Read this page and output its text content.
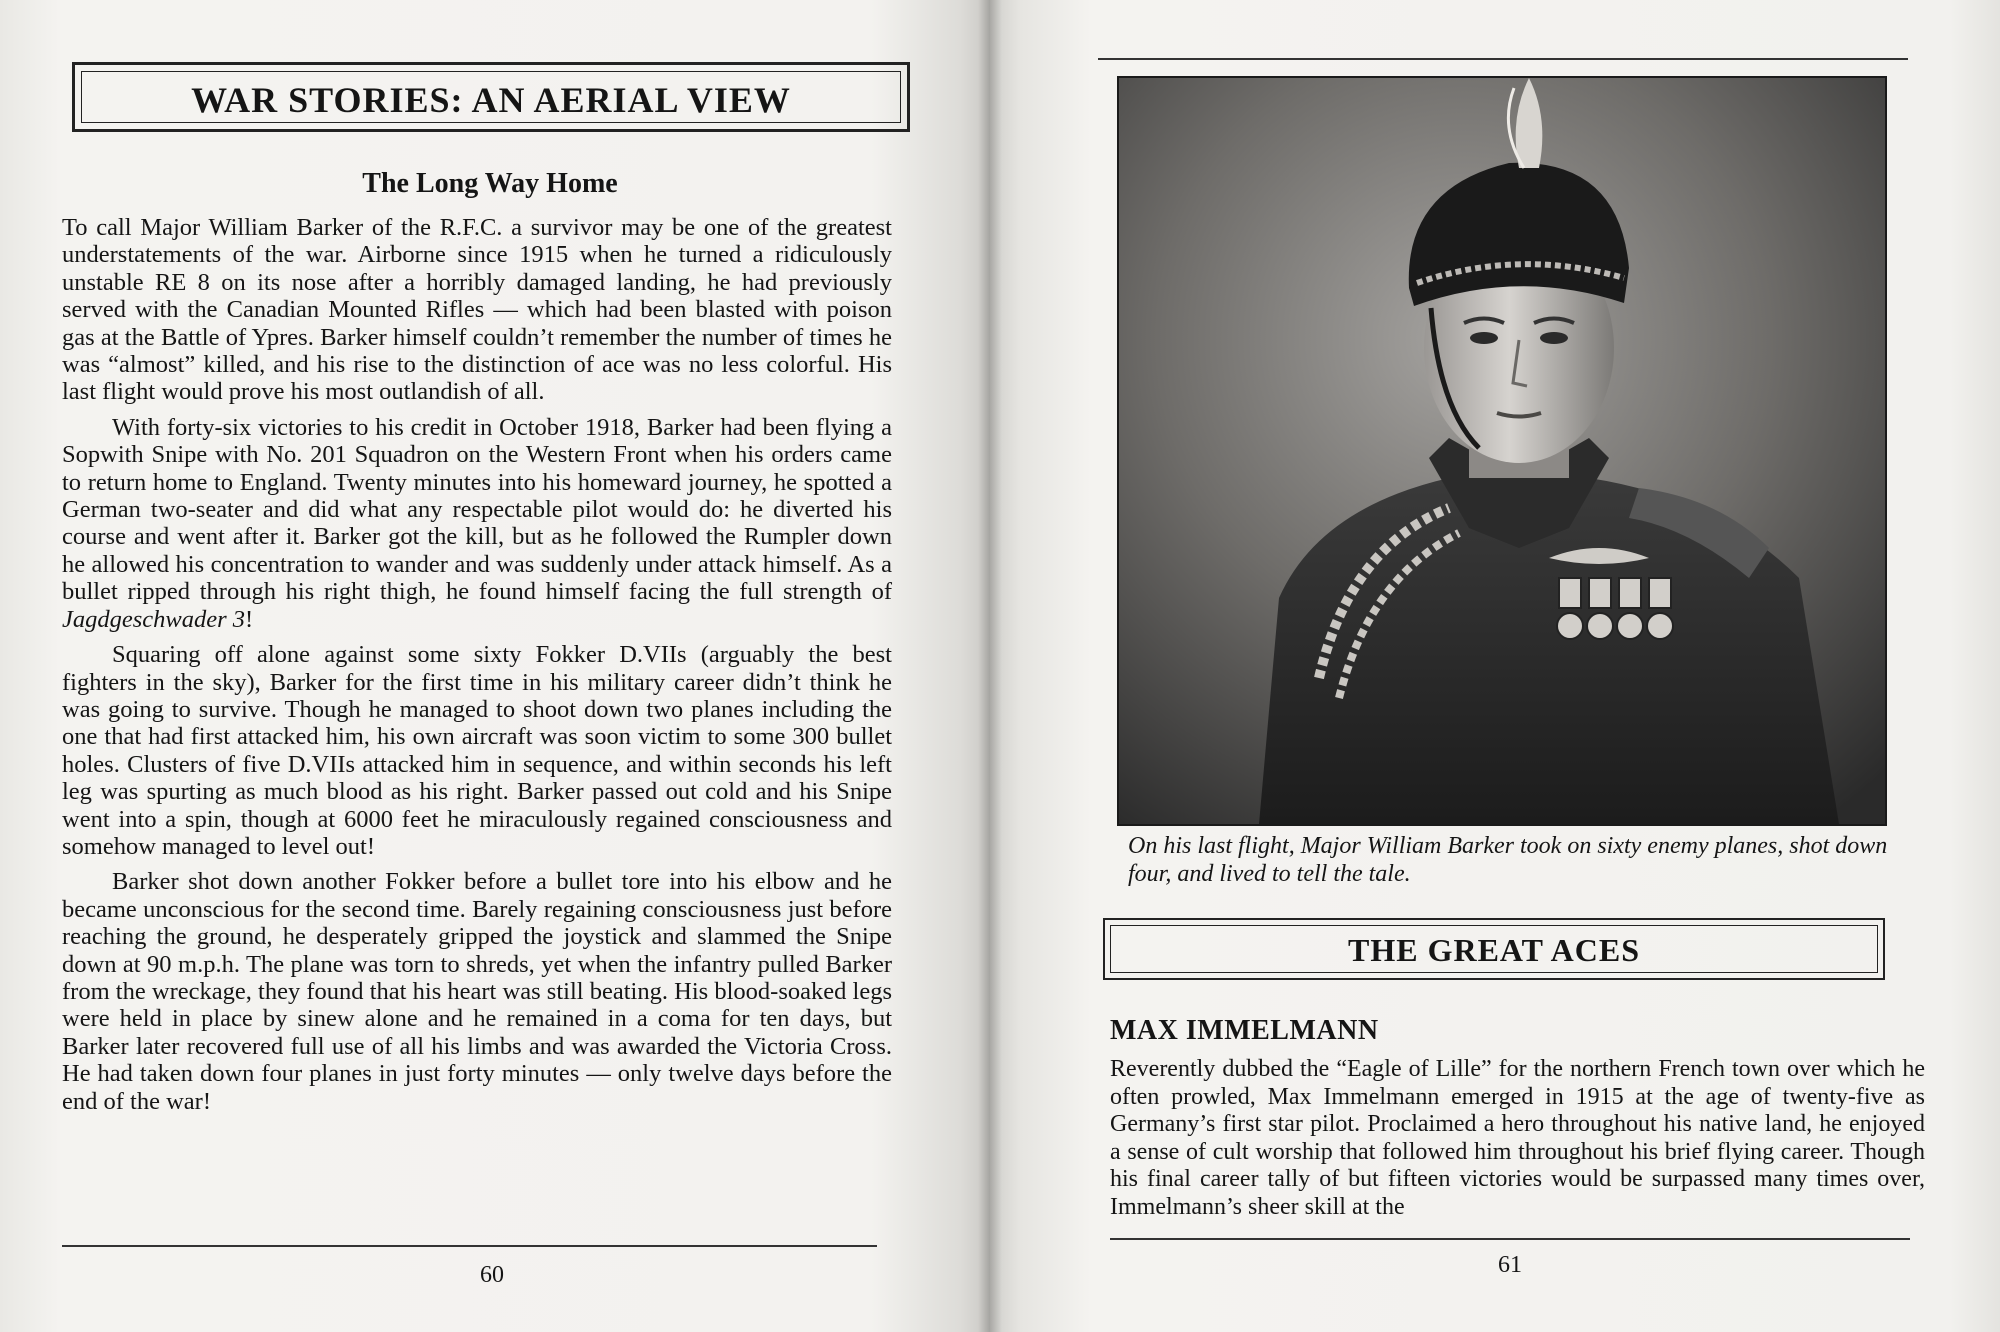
WAR STORIES: AN AERIAL VIEW
The Long Way Home

To call Major William Barker of the R.F.C. a survivor may be one of the greatest understatements of the war. Airborne since 1915 when he turned a ridiculously unstable RE 8 on its nose after a horribly damaged landing, he had previously served with the Canadian Mounted Rifles — which had been blasted with poison gas at the Battle of Ypres. Barker himself couldn’t remember the number of times he was “almost” killed, and his rise to the distinction of ace was no less colorful. His last flight would prove his most outlandish of all.

With forty-six victories to his credit in October 1918, Barker had been flying a Sopwith Snipe with No. 201 Squadron on the Western Front when his orders came to return home to England. Twenty minutes into his homeward journey, he spotted a German two-seater and did what any respectable pilot would do: he diverted his course and went after it. Barker got the kill, but as he followed the Rumpler down he allowed his concentration to wander and was suddenly under attack himself. As a bullet ripped through his right thigh, he found himself facing the full strength of Jagdgeschwader 3!

Squaring off alone against some sixty Fokker D.VIIs (arguably the best fighters in the sky), Barker for the first time in his military career didn’t think he was going to survive. Though he managed to shoot down two planes including the one that had first attacked him, his own aircraft was soon victim to some 300 bullet holes. Clusters of five D.VIIs attacked him in sequence, and within seconds his left leg was spurting as much blood as his right. Barker passed out cold and his Snipe went into a spin, though at 6000 feet he miraculously regained consciousness and somehow managed to level out!

Barker shot down another Fokker before a bullet tore into his elbow and he became unconscious for the second time. Barely regaining consciousness just before reaching the ground, he desperately gripped the joystick and slammed the Snipe down at 90 m.p.h. The plane was torn to shreds, yet when the infantry pulled Barker from the wreckage, they found that his heart was still beating. His blood-soaked legs were held in place by sinew alone and he remained in a coma for ten days, but Barker later recovered full use of all his limbs and was awarded the Victoria Cross. He had taken down four planes in just forty minutes — only twelve days before the end of the war!

60
On his last flight, Major William Barker took on sixty enemy planes, shot down four, and lived to tell the tale.
THE GREAT ACES
MAX IMMELMANN
Reverently dubbed the “Eagle of Lille” for the northern French town over which he often prowled, Max Immelmann emerged in 1915 at the age of twenty-five as Germany’s first star pilot. Proclaimed a hero throughout his native land, he enjoyed a sense of cult worship that followed him throughout his brief flying career. Though his final career tally of but fifteen victories would be surpassed many times over, Immelmann’s sheer skill at the
61
